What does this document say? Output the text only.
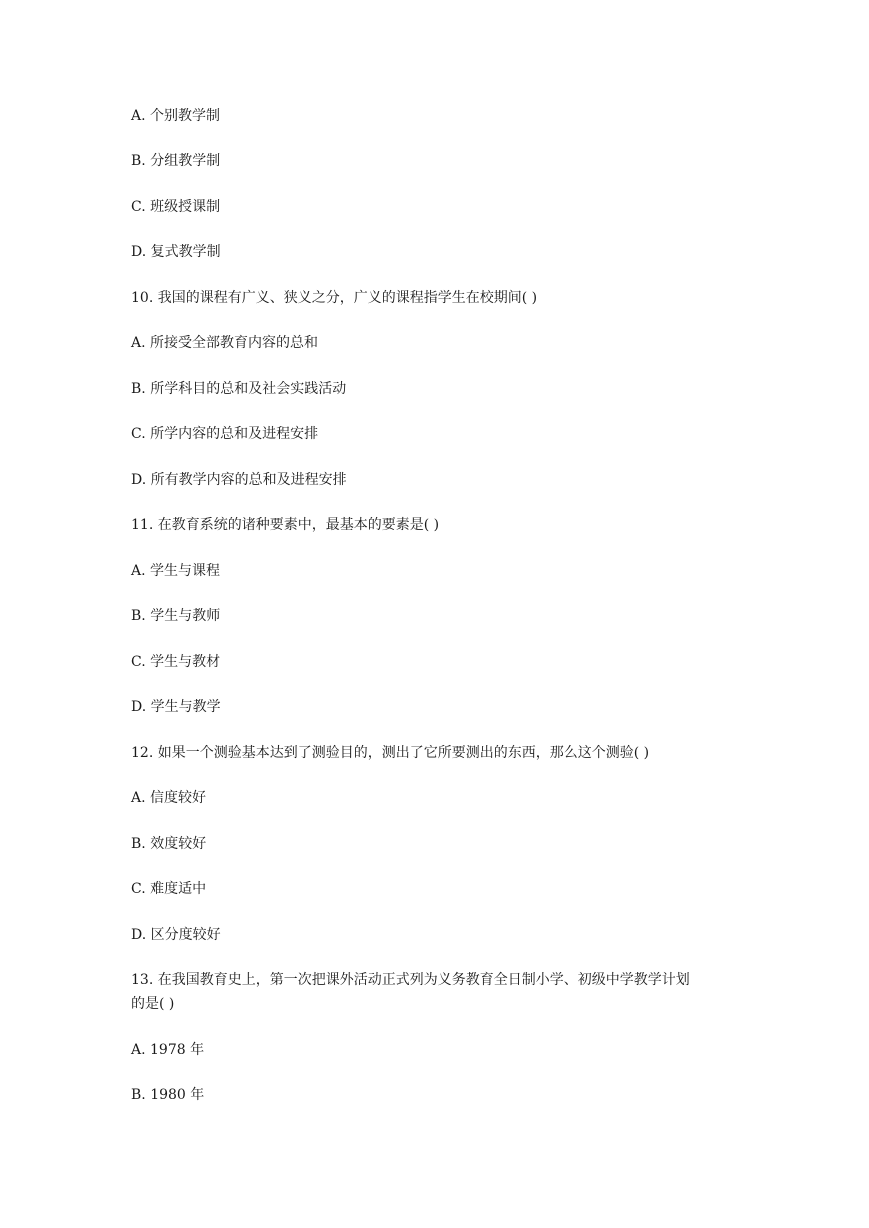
A. 个别教学制
B. 分组教学制
C. 班级授课制
D. 复式教学制
10. 我国的课程有广义、狭义之分，广义的课程指学生在校期间( )
A. 所接受全部教育内容的总和
B. 所学科目的总和及社会实践活动
C. 所学内容的总和及进程安排
D. 所有教学内容的总和及进程安排
11. 在教育系统的诸种要素中，最基本的要素是( )
A. 学生与课程
B. 学生与教师
C. 学生与教材
D. 学生与教学
12. 如果一个测验基本达到了测验目的，测出了它所要测出的东西，那么这个测验( )
A. 信度较好
B. 效度较好
C. 难度适中
D. 区分度较好
13. 在我国教育史上，第一次把课外活动正式列为义务教育全日制小学、初级中学教学计划
的是( )
A. 1978 年
B. 1980 年
